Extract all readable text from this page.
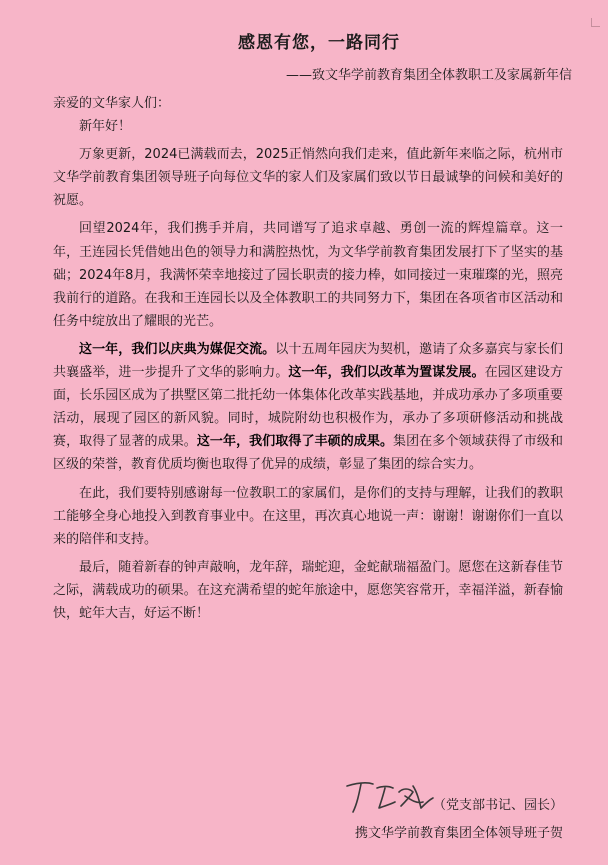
感恩有您，一路同行
——致文华学前教育集团全体教职工及家属新年信

亲爱的文华家人们：

新年好！

万象更新，2024已满载而去，2025正悄然向我们走来，值此新年来临之际，杭州市文华学前教育集团领导班子向每位文华的家人们及家属们致以节日最诚挚的问候和美好的祝愿。

回望2024年，我们携手并肩，共同谱写了追求卓越、勇创一流的辉煌篇章。这一年，王连园长凭借她出色的领导力和满腔热忱，为文华学前教育集团发展打下了坚实的基础；2024年8月，我满怀荣幸地接过了园长职责的接力棒，如同接过一束璀璨的光，照亮我前行的道路。在我和王连园长以及全体教职工的共同努力下，集团在各项省市区活动和任务中绽放出了耀眼的光芒。

这一年，我们以庆典为媒促交流。以十五周年园庆为契机，邀请了众多嘉宾与家长们共襄盛举，进一步提升了文华的影响力。这一年，我们以改革为置谋发展。在园区建设方面，长乐园区成为了拱墅区第二批托幼一体集体化改革实践基地，并成功承办了多项重要活动，展现了园区的新风貌。同时，城院附幼也积极作为，承办了多项研修活动和挑战赛，取得了显著的成果。这一年，我们取得了丰硕的成果。集团在多个领域获得了市级和区级的荣誉，教育优质均衡也取得了优异的成绩，彰显了集团的综合实力。

在此，我们要特别感谢每一位教职工的家属们，是你们的支持与理解，让我们的教职工能够全身心地投入到教育事业中。在这里，再次真心地说一声：谢谢！谢谢你们一直以来的陪伴和支持。

最后，随着新春的钟声敲响，龙年辞，瑞蛇迎，金蛇献瑞福盈门。愿您在这新春佳节之际，满载成功的硕果。在这充满希望的蛇年旅途中，愿您笑容常开，幸福洋溢，新春愉快，蛇年大吉，好运不断！

（党支部书记、园长）
携文华学前教育集团全体领导班子贺
